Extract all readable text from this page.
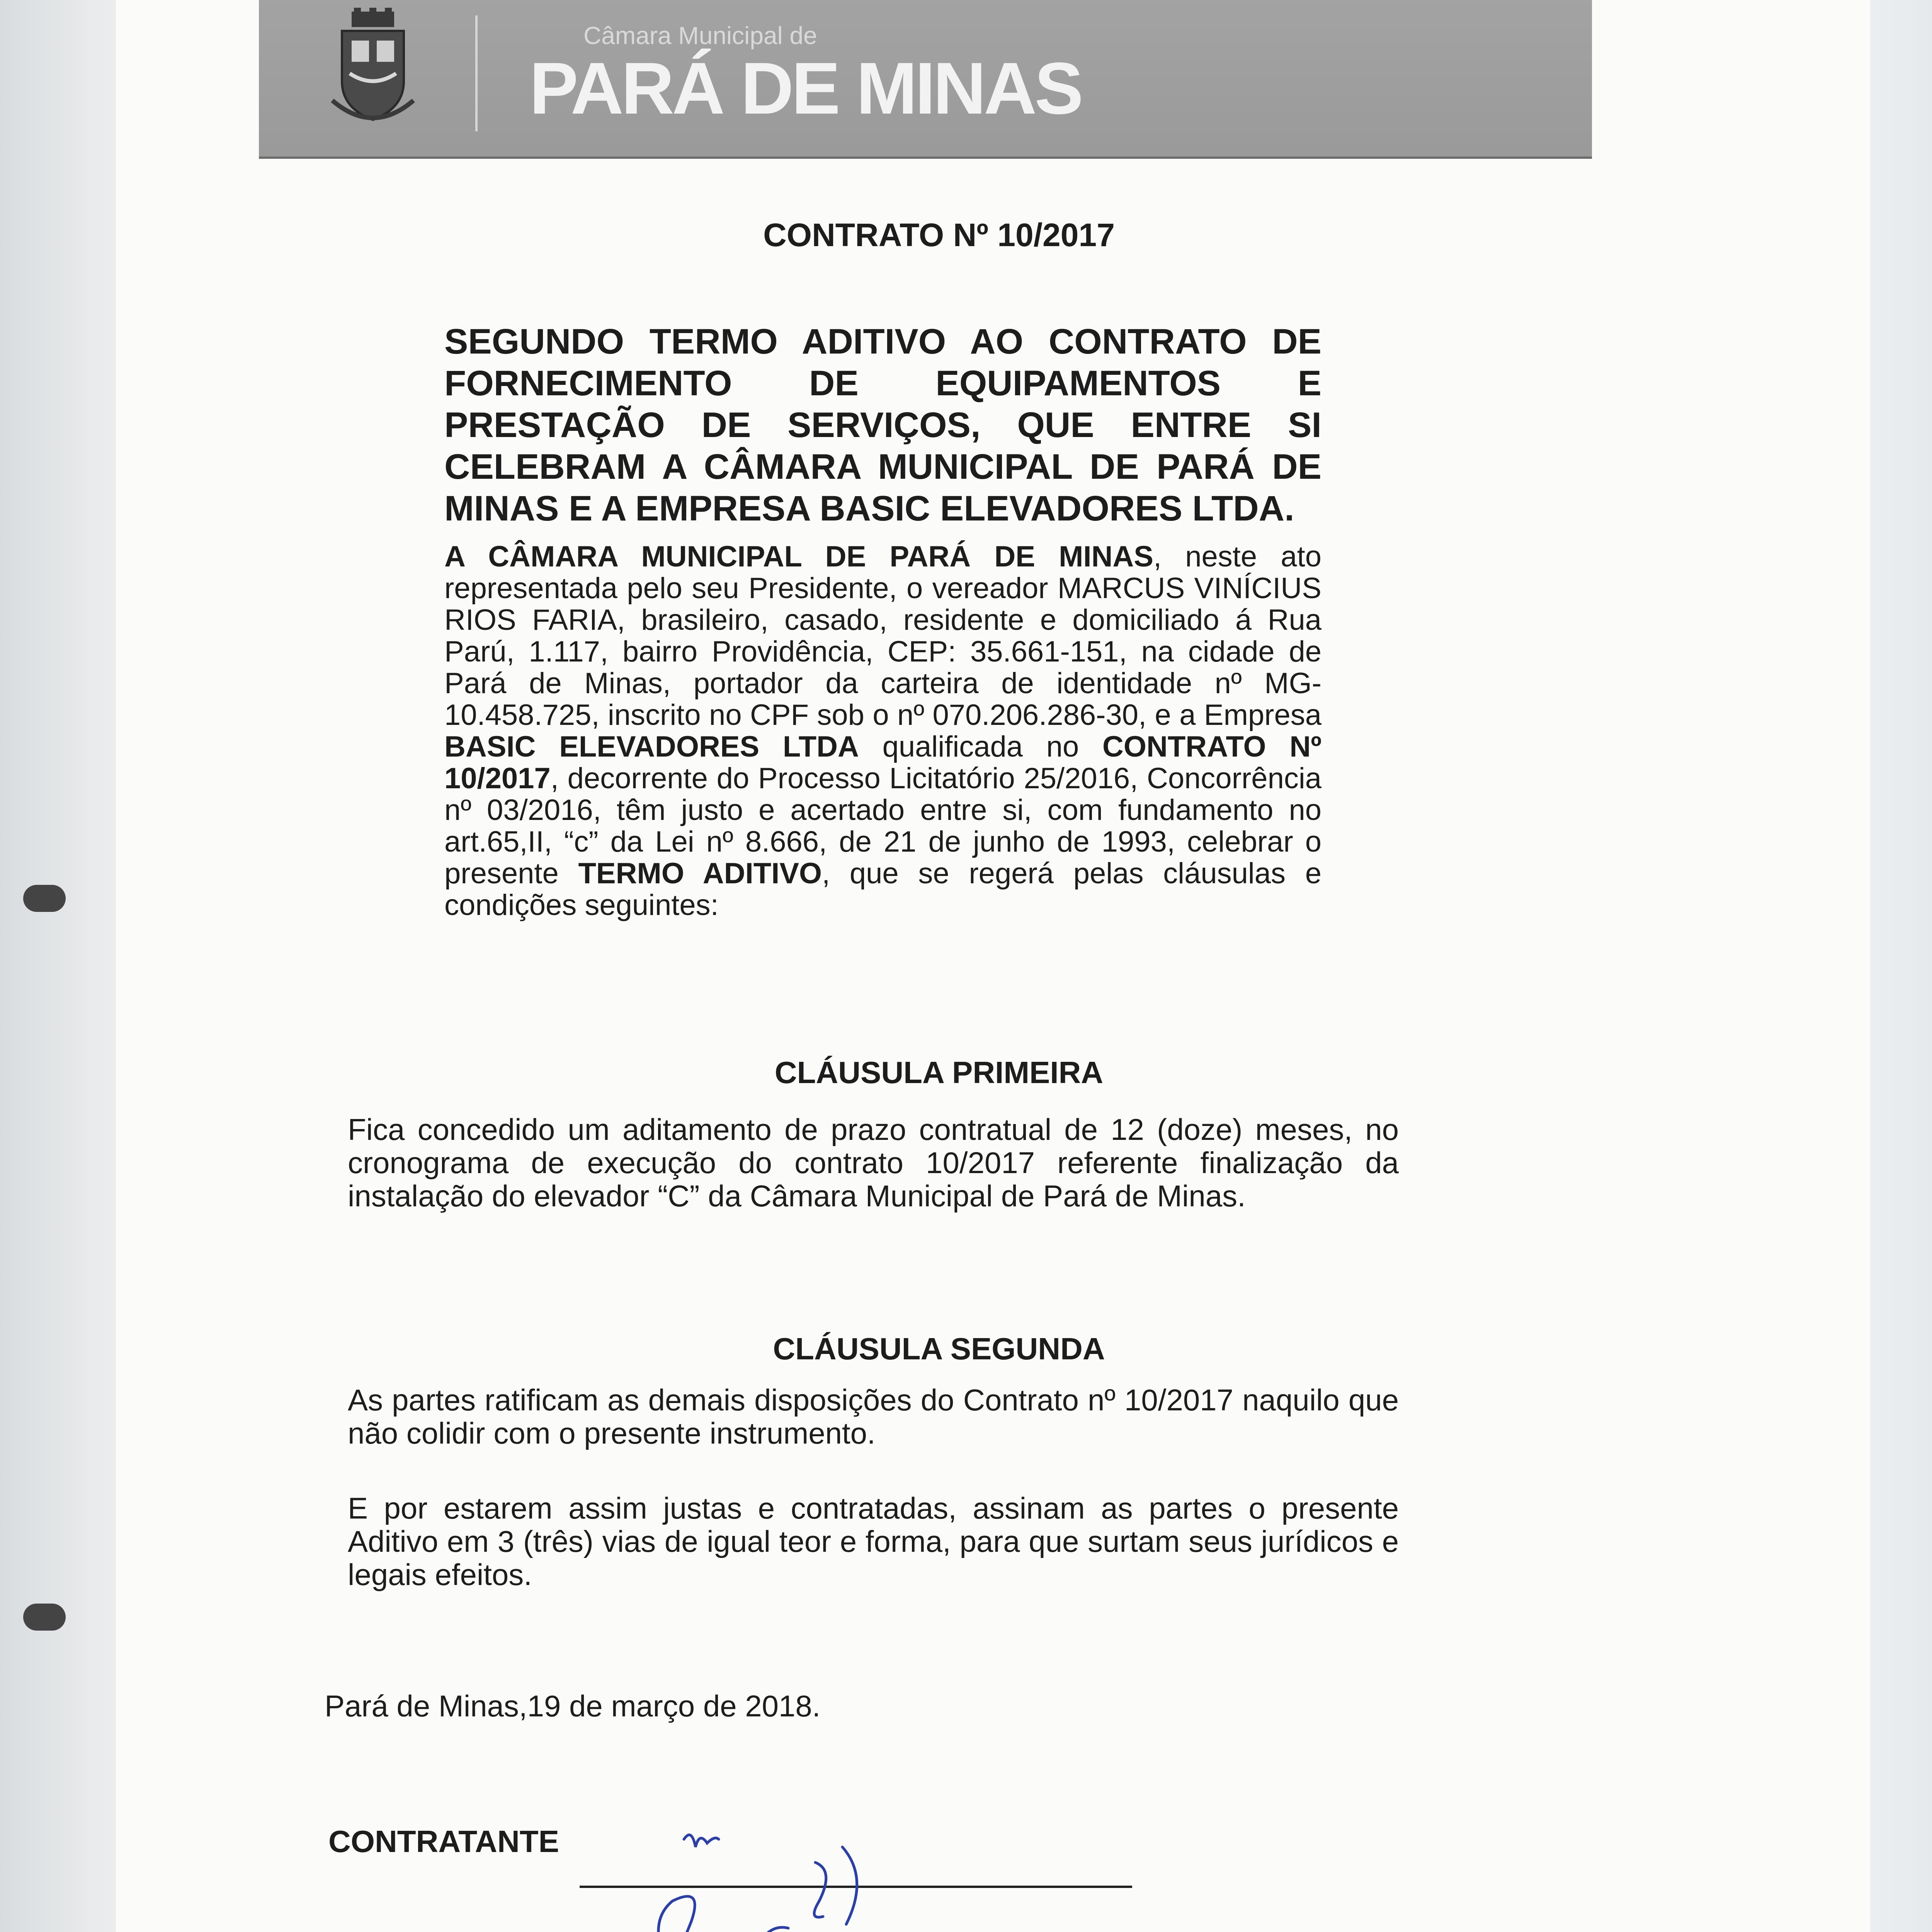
Câmara Municipal de
PARÁ DE MINAS
CONTRATO Nº 10/2017
SEGUNDO TERMO ADITIVO AO CONTRATO DE FORNECIMENTO DE EQUIPAMENTOS E PRESTAÇÃO DE SERVIÇOS, QUE ENTRE SI CELEBRAM A CÂMARA MUNICIPAL DE PARÁ DE MINAS E A EMPRESA BASIC ELEVADORES LTDA.
A CÂMARA MUNICIPAL DE PARÁ DE MINAS, neste ato representada pelo seu Presidente, o vereador MARCUS VINÍCIUS RIOS FARIA, brasileiro, casado, residente e domiciliado á Rua Parú, 1.117, bairro Providência, CEP: 35.661-151, na cidade de Pará de Minas, portador da carteira de identidade nº MG-10.458.725, inscrito no CPF sob o nº 070.206.286-30, e a Empresa BASIC ELEVADORES LTDA qualificada no CONTRATO Nº 10/2017, decorrente do Processo Licitatório 25/2016, Concorrência nº 03/2016, têm justo e acertado entre si, com fundamento no art.65,II, “c” da Lei nº 8.666, de 21 de junho de 1993, celebrar o presente TERMO ADITIVO, que se regerá pelas cláusulas e condições seguintes:
CLÁUSULA PRIMEIRA
Fica concedido um aditamento de prazo contratual de 12 (doze) meses, no cronograma de execução do contrato 10/2017 referente finalização da instalação do elevador “C” da Câmara Municipal de Pará de Minas.
CLÁUSULA SEGUNDA
As partes ratificam as demais disposições do Contrato nº 10/2017 naquilo que não colidir com o presente instrumento.
E por estarem assim justas e contratadas, assinam as partes o presente Aditivo em 3 (três) vias de igual teor e forma, para que surtam seus jurídicos e legais efeitos.
Pará de Minas,19 de março de 2018.
CONTRATANTE
